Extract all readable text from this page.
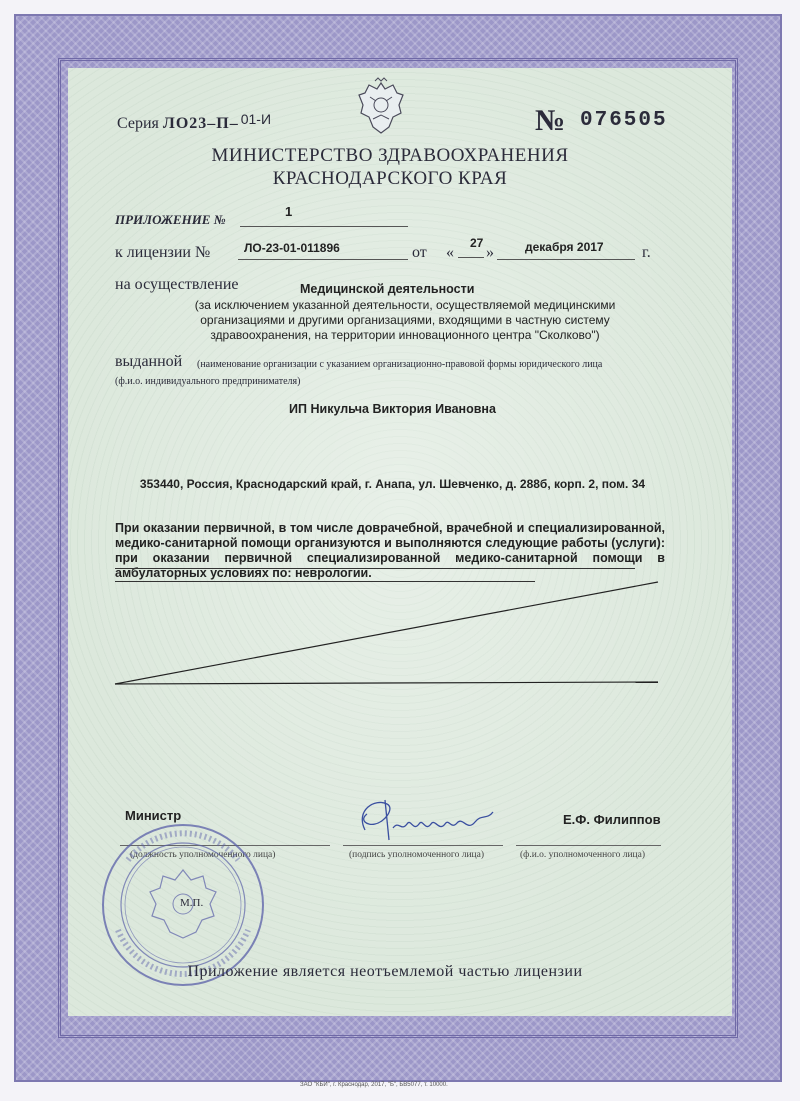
Серия ЛО23–П– 01-И	№ 076505
МИНИСТЕРСТВО ЗДРАВООХРАНЕНИЯ
КРАСНОДАРСКОГО КРАЯ
ПРИЛОЖЕНИЕ №
1
к лицензии №	ЛО-23-01-011896	от «
27
»	декабря 2017 г.
на осуществление	Медицинской деятельности
(за исключением указанной деятельности, осуществляемой медицинскими организациями и другими организациями, входящими в частную систему здравоохранения, на территории инновационного центра "Сколково")
выданной (наименование организации с указанием организационно-правовой формы юридического лица
(ф.и.о. индивидуального предпринимателя)
ИП Никульча Виктория Ивановна
353440, Россия, Краснодарский край, г. Анапа, ул. Шевченко, д. 288б, корп. 2, пом. 34
При оказании первичной, в том числе доврачебной, врачебной и специализированной, медико-санитарной помощи организуются и выполняются следующие работы (услуги): при оказании первичной специализированной медико-санитарной помощи в амбулаторных условиях по: неврологии.
Министр	Е.Ф. Филиппов
(должность уполномоченного лица)	(подпись уполномоченного лица)	(ф.и.о. уполномоченного лица)
М.П.
Приложение является неотъемлемой частью лицензии
ЗАО "КБИ", г. Краснодар, 2017, "Б", БВ5077, т. 10000.
